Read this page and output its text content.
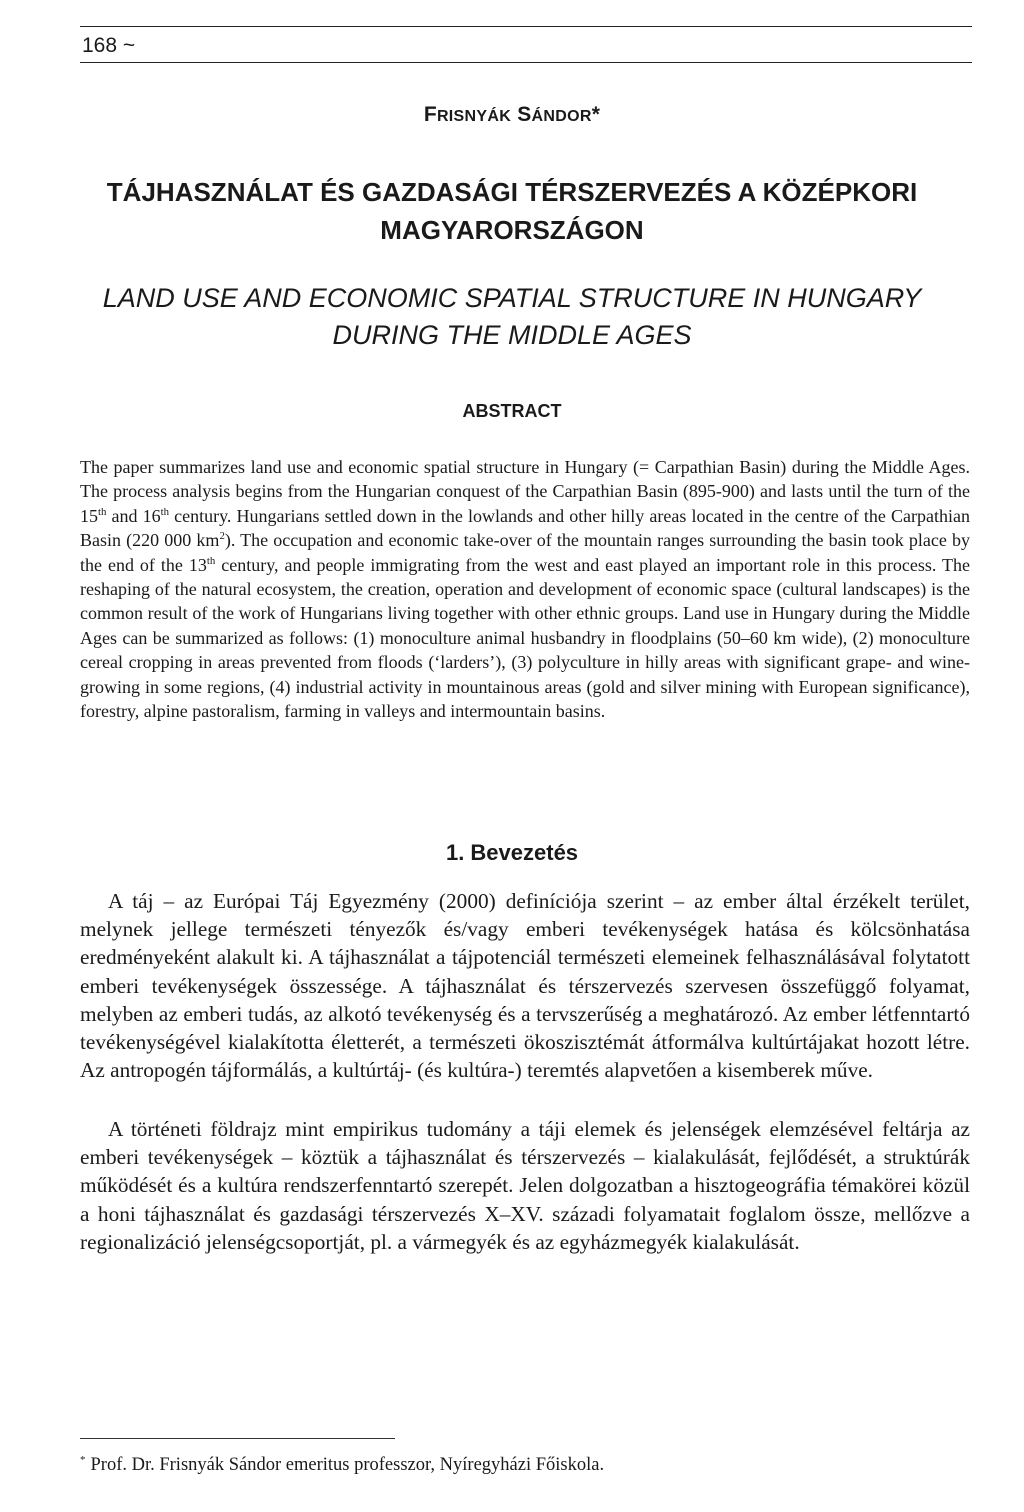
168 ~
FRISNYÁK SÁNDOR*
TÁJHASZNÁLAT ÉS GAZDASÁGI TÉRSZERVEZÉS A KÖZÉPKORI MAGYARORSZÁGON
LAND USE AND ECONOMIC SPATIAL STRUCTURE IN HUNGARY DURING THE MIDDLE AGES
ABSTRACT
The paper summarizes land use and economic spatial structure in Hungary (= Carpathian Basin) during the Middle Ages. The process analysis begins from the Hungarian conquest of the Carpathian Basin (895-900) and lasts until the turn of the 15th and 16th century. Hungarians settled down in the lowlands and other hilly areas located in the centre of the Carpathian Basin (220 000 $km^2$). The occupation and economic take-over of the mountain ranges surrounding the basin took place by the end of the 13th century, and people immigrating from the west and east played an important role in this process. The reshaping of the natural ecosystem, the creation, operation and development of economic space (cultural landscapes) is the common result of the work of Hungarians living together with other ethnic groups. Land use in Hungary during the Middle Ages can be summarized as follows: (1) monoculture animal husbandry in floodplains (50–60 km wide), (2) monoculture cereal cropping in areas prevented from floods (‘larders’), (3) polyculture in hilly areas with significant grape- and wine-growing in some regions, (4) industrial activity in mountainous areas (gold and silver mining with European significance), forestry, alpine pastoralism, farming in valleys and intermountain basins.
1. Bevezetés

A táj – az Európai Táj Egyezmény (2000) definíciója szerint – az ember által érzékelt terület, melynek jellege természeti tényezők és/vagy emberi tevékenységek hatása és kölcsönhatása eredményeként alakult ki. A tájhasználat a tájpotenciál természeti elemeinek felhasználásával folytatott emberi tevékenységek összessége. A tájhasználat és térszervezés szervesen összefüggő folyamat, melyben az emberi tudás, az alkotó tevékenység és a tervszerűség a meghatározó. Az ember létfenntartó tevékenységével kialakította életterét, a természeti ökoszisztémát átformálva kultúrtájakat hozott létre. Az antropogén tájformálás, a kultúrtáj- (és kultúra-) teremtés alapvetően a kisemberek műve.

A történeti földrajz mint empirikus tudomány a táji elemek és jelenségek elemzésével feltárja az emberi tevékenységek – köztük a tájhasználat és térszervezés – kialakulását, fejlődését, a struktúrák működését és a kultúra rendszerfenntartó szerepét. Jelen dolgozatban a hisztogeográfia témakörei közül a honi tájhasználat és gazdasági térszervezés X–XV. századi folyamatait foglalom össze, mellőzve a regionalizáció jelenségcsoportját, pl. a vármegyék és az egyházmegyék kialakulását.

* Prof. Dr. Frisnyák Sándor emeritus professzor, Nyíregyházi Főiskola.
